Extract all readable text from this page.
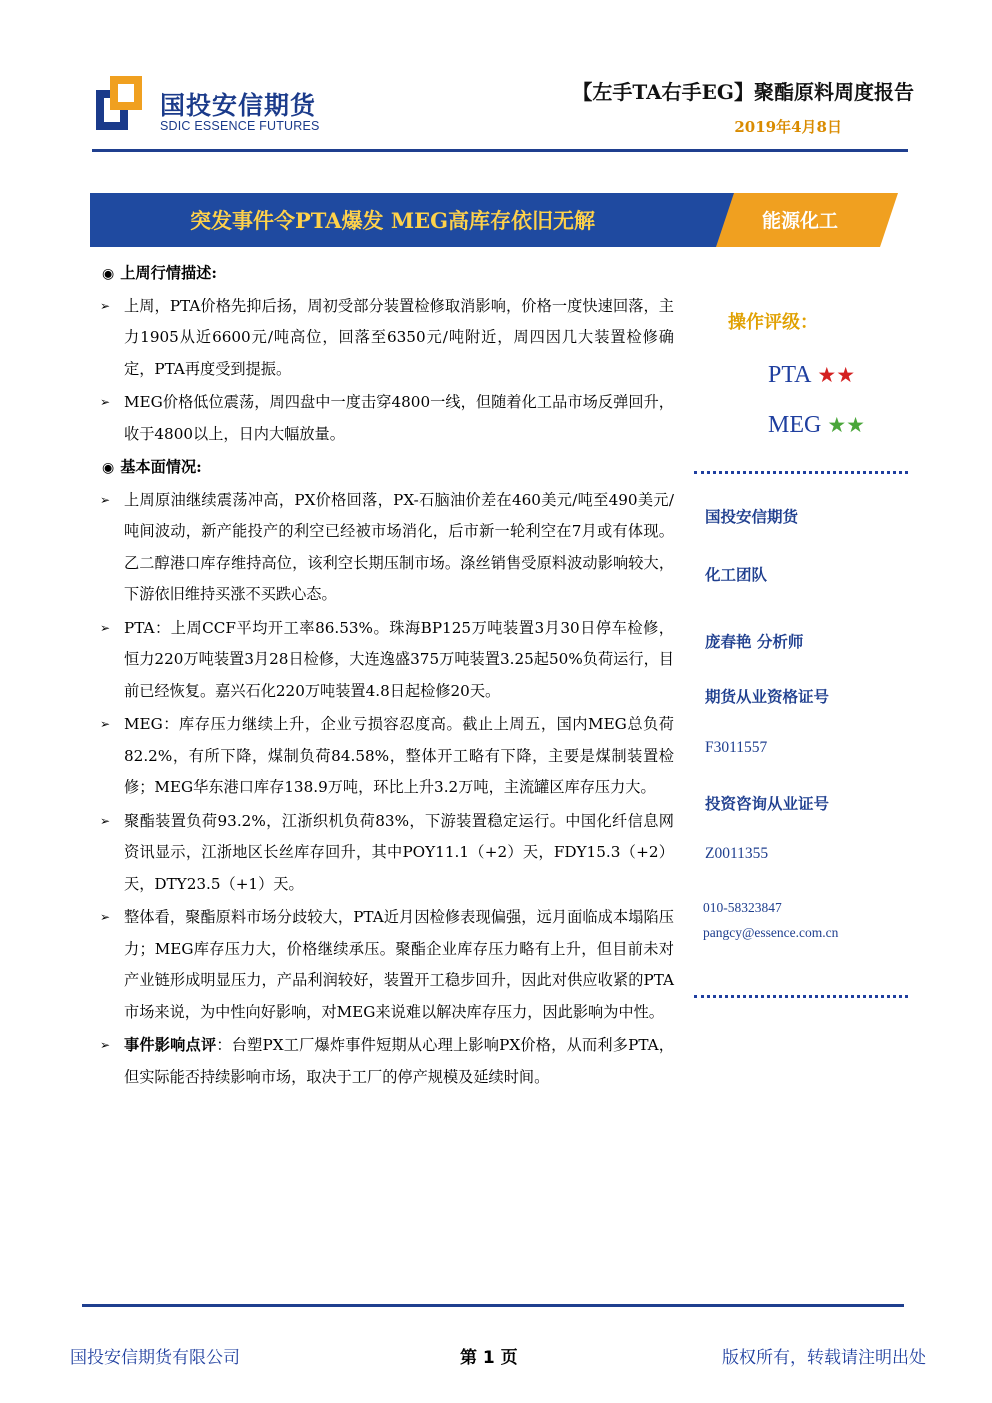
国投安信期货
SDIC ESSENCE FUTURES
【左手TA右手EG】聚酯原料周度报告
2019年4月8日
突发事件令PTA爆发 MEG高库存依旧无解	能源化工
◉ 上周行情描述:
➢ 上周，PTA价格先抑后扬，周初受部分装置检修取消影响，价格一度快速回落，主力1905从近6600元/吨高位，回落至6350元/吨附近，周四因几大装置检修确定，PTA再度受到提振。
➢ MEG价格低位震荡，周四盘中一度击穿4800一线，但随着化工品市场反弹回升，收于4800以上，日内大幅放量。
◉ 基本面情况:
➢ 上周原油继续震荡冲高，PX价格回落，PX-石脑油价差在460美元/吨至490美元/吨间波动，新产能投产的利空已经被市场消化，后市新一轮利空在7月或有体现。乙二醇港口库存维持高位，该利空长期压制市场。涤丝销售受原料波动影响较大，下游依旧维持买涨不买跌心态。
➢ PTA：上周CCF平均开工率86.53%。珠海BP125万吨装置3月30日停车检修，恒力220万吨装置3月28日检修，大连逸盛375万吨装置3.25起50%负荷运行，目前已经恢复。嘉兴石化220万吨装置4.8日起检修20天。
➢ MEG：库存压力继续上升，企业亏损容忍度高。截止上周五，国内MEG总负荷82.2%，有所下降，煤制负荷84.58%，整体开工略有下降，主要是煤制装置检修；MEG华东港口库存138.9万吨，环比上升3.2万吨，主流罐区库存压力大。
➢ 聚酯装置负荷93.2%，江浙织机负荷83%，下游装置稳定运行。中国化纤信息网资讯显示，江浙地区长丝库存回升，其中POY11.1（+2）天，FDY15.3（+2）天，DTY23.5（+1）天。
➢ 整体看，聚酯原料市场分歧较大，PTA近月因检修表现偏强，远月面临成本塌陷压力；MEG库存压力大，价格继续承压。聚酯企业库存压力略有上升，但目前未对产业链形成明显压力，产品利润较好，装置开工稳步回升，因此对供应收紧的PTA市场来说，为中性向好影响，对MEG来说难以解决库存压力，因此影响为中性。
➢ 事件影响点评：台塑PX工厂爆炸事件短期从心理上影响PX价格，从而利多PTA，但实际能否持续影响市场，取决于工厂的停产规模及延续时间。
操作评级：
PTA ★★
MEG ★★
国投安信期货
化工团队
庞春艳 分析师
期货从业资格证号
F3011557
投资咨询从业证号
Z0011355
010-58323847
pangcy@essence.com.cn
国投安信期货有限公司	第 1 页	版权所有，转载请注明出处
